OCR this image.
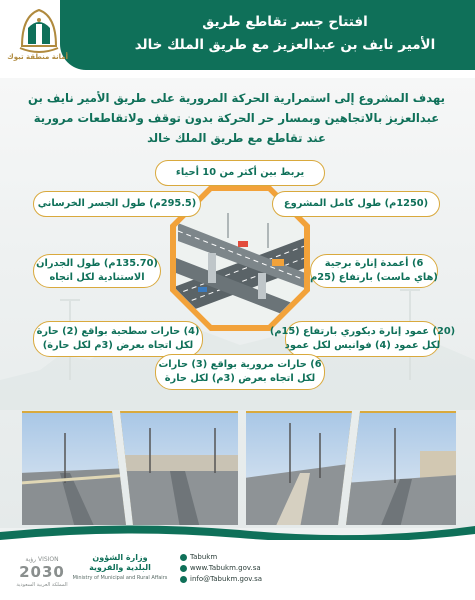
افتتاح جسر تقاطع طريق
الأمير نايف بن عبدالعزيز مع طريق الملك خالد
أمانة منطقة تبوك
يهدف المشروع إلى استمرارية الحركة المرورية على طريق الأمير نايف بن
عبدالعزيز بالاتجاهين وبمسار حر الحركة بدون توقف ولاتقاطعات مرورية
عند تقاطع مع طريق الملك خالد
يربط بين أكثر من 10 أحياء
(1250م) طول كامل المشروع
(295.5م) طول الجسر الخرساني
6) أعمدة إنارة برجية
(هاي ماست) بارتفاع (25م
(135.70م) طول الجدران
الاستنادية لكل اتجاه
(20) عمود إنارة ديكوري بارتفاع (15م)
لكل عمود (4) فوانيس لكل عمود
(4) حارات سطحية بواقع (2) حارة
لكل اتجاه بعرض (3م لكل حارة)
6) حارات مرورية بواقع (3) حارات
لكل اتجاه بعرض (3م) لكل حارة
Tabukm
www.Tabukm.gov.sa
info@Tabukm.gov.sa
وزارة الشؤون
البلدية والقروية
Ministry of Municipal and Rural Affairs
VISION رؤية
2030
المملكة العربية السعودية
